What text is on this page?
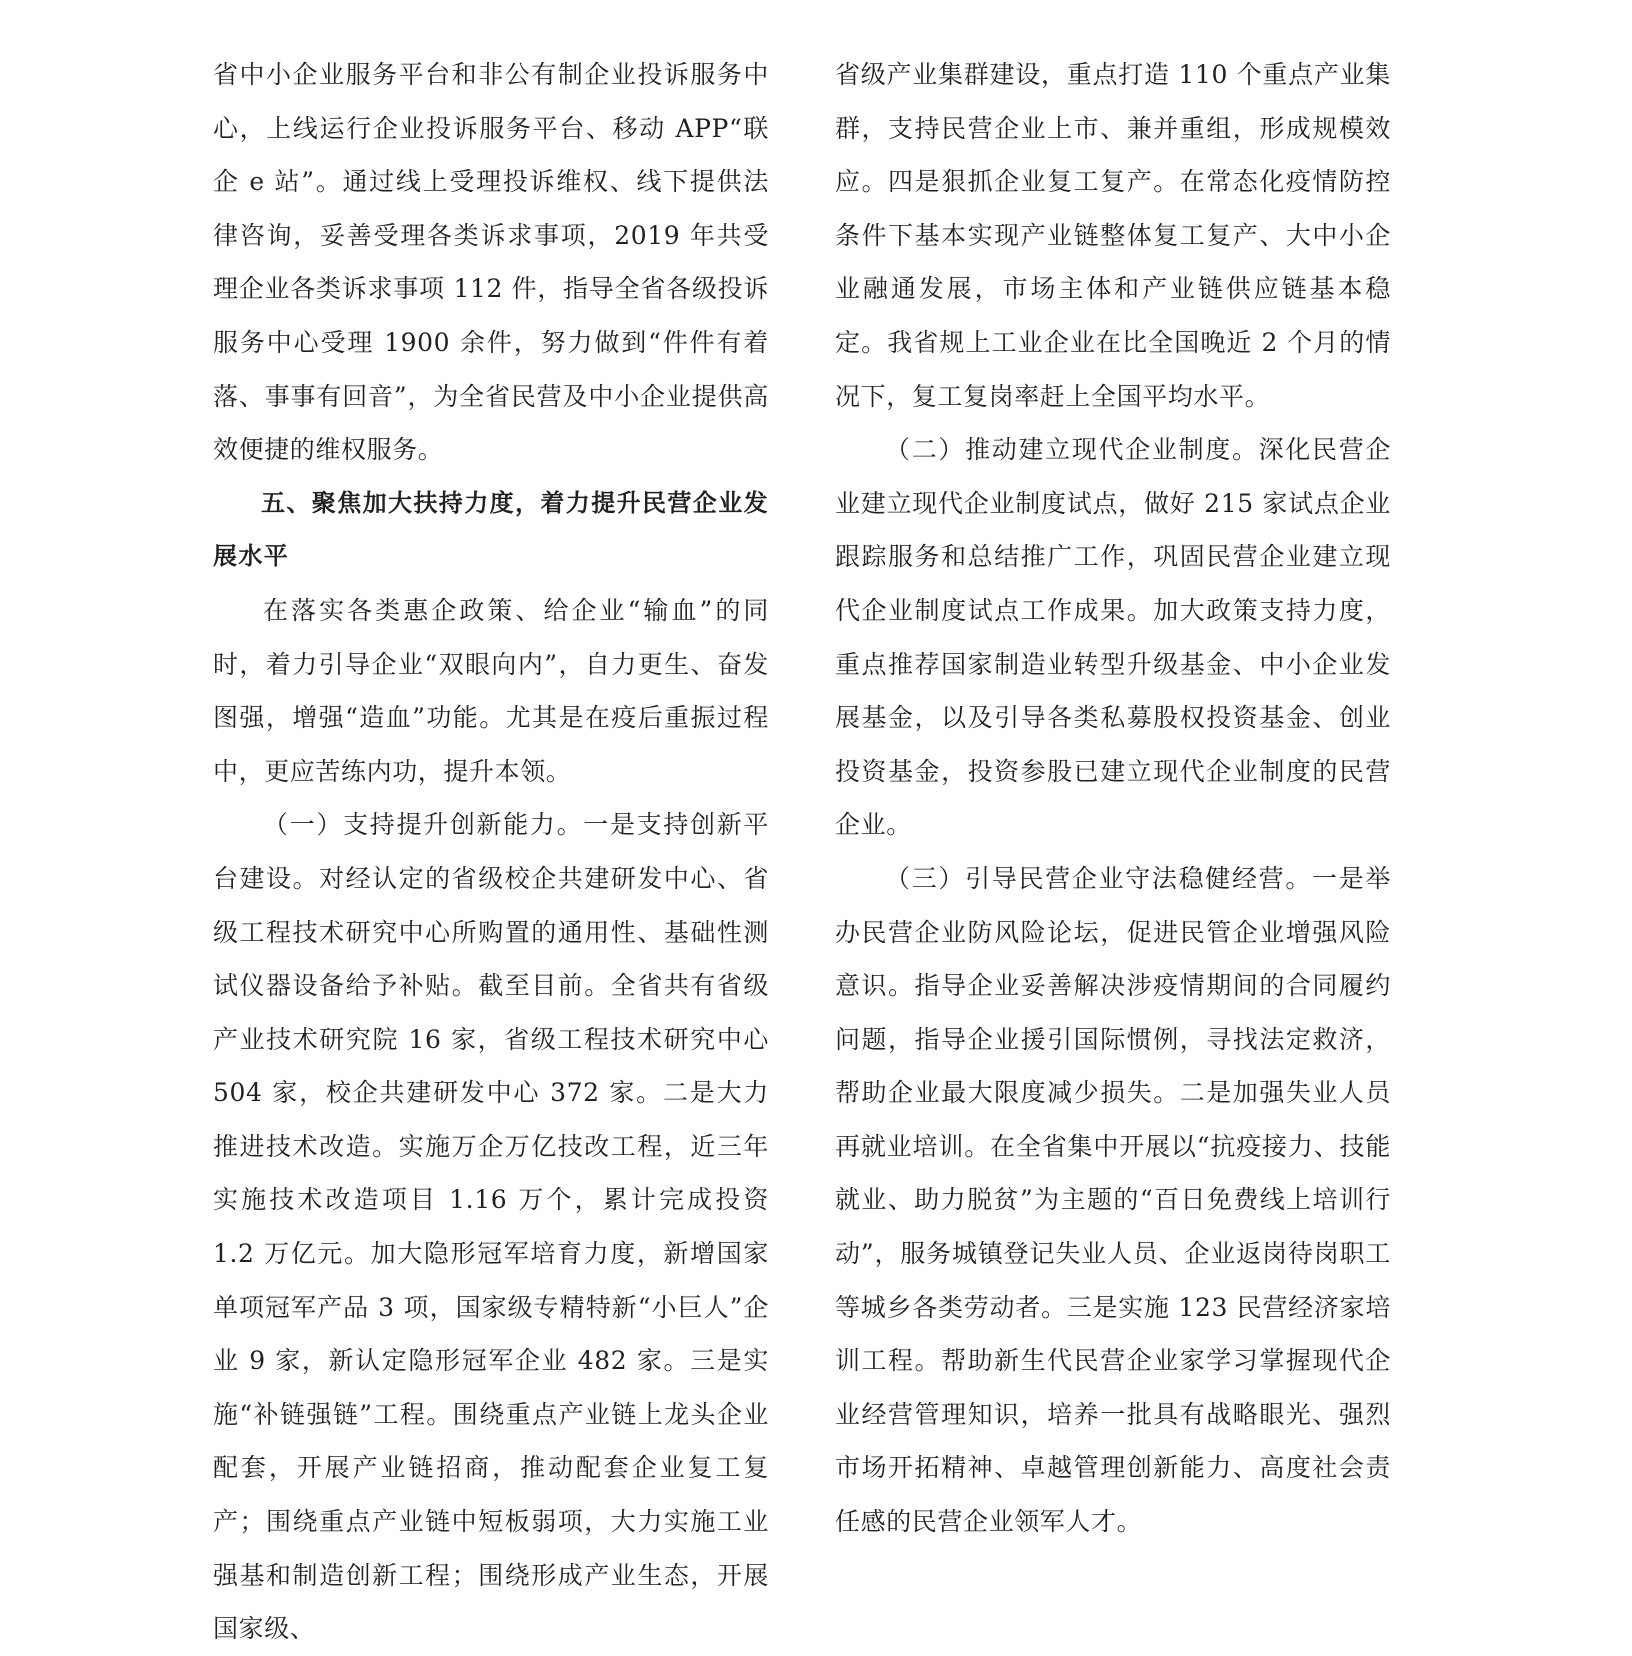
省中小企业服务平台和非公有制企业投诉服务中心，上线运行企业投诉服务平台、移动 APP“联企 e 站”。通过线上受理投诉维权、线下提供法律咨询，妥善受理各类诉求事项，2019 年共受理企业各类诉求事项 112 件，指导全省各级投诉服务中心受理 1900 余件，努力做到“件件有着落、事事有回音”，为全省民营及中小企业提供高效便捷的维权服务。

五、聚焦加大扶持力度，着力提升民营企业发展水平

在落实各类惠企政策、给企业“输血”的同时，着力引导企业“双眼向内”，自力更生、奋发图强，增强“造血”功能。尤其是在疫后重振过程中，更应苦练内功，提升本领。

（一）支持提升创新能力。一是支持创新平台建设。对经认定的省级校企共建研发中心、省级工程技术研究中心所购置的通用性、基础性测试仪器设备给予补贴。截至目前。全省共有省级产业技术研究院 16 家，省级工程技术研究中心 504 家，校企共建研发中心 372 家。二是大力推进技术改造。实施万企万亿技改工程，近三年实施技术改造项目 1.16 万个，累计完成投资 1.2 万亿元。加大隐形冠军培育力度，新增国家单项冠军产品 3 项，国家级专精特新“小巨人”企业 9 家，新认定隐形冠军企业 482 家。三是实施“补链强链”工程。围绕重点产业链上龙头企业配套，开展产业链招商，推动配套企业复工复产；围绕重点产业链中短板弱项，大力实施工业强基和制造创新工程；围绕形成产业生态，开展国家级、

省级产业集群建设，重点打造 110 个重点产业集群，支持民营企业上市、兼并重组，形成规模效应。四是狠抓企业复工复产。在常态化疫情防控条件下基本实现产业链整体复工复产、大中小企业融通发展，市场主体和产业链供应链基本稳定。我省规上工业企业在比全国晚近 2 个月的情况下，复工复岗率赶上全国平均水平。

（二）推动建立现代企业制度。深化民营企业建立现代企业制度试点，做好 215 家试点企业跟踪服务和总结推广工作，巩固民营企业建立现代企业制度试点工作成果。加大政策支持力度，重点推荐国家制造业转型升级基金、中小企业发展基金，以及引导各类私募股权投资基金、创业投资基金，投资参股已建立现代企业制度的民营企业。

（三）引导民营企业守法稳健经营。一是举办民营企业防风险论坛，促进民管企业增强风险意识。指导企业妥善解决涉疫情期间的合同履约问题，指导企业援引国际惯例，寻找法定救济，帮助企业最大限度减少损失。二是加强失业人员再就业培训。在全省集中开展以“抗疫接力、技能就业、助力脱贫”为主题的“百日免费线上培训行动”，服务城镇登记失业人员、企业返岗待岗职工等城乡各类劳动者。三是实施 123 民营经济家培训工程。帮助新生代民营企业家学习掌握现代企业经营管理知识，培养一批具有战略眼光、强烈市场开拓精神、卓越管理创新能力、高度社会责任感的民营企业领军人才。
